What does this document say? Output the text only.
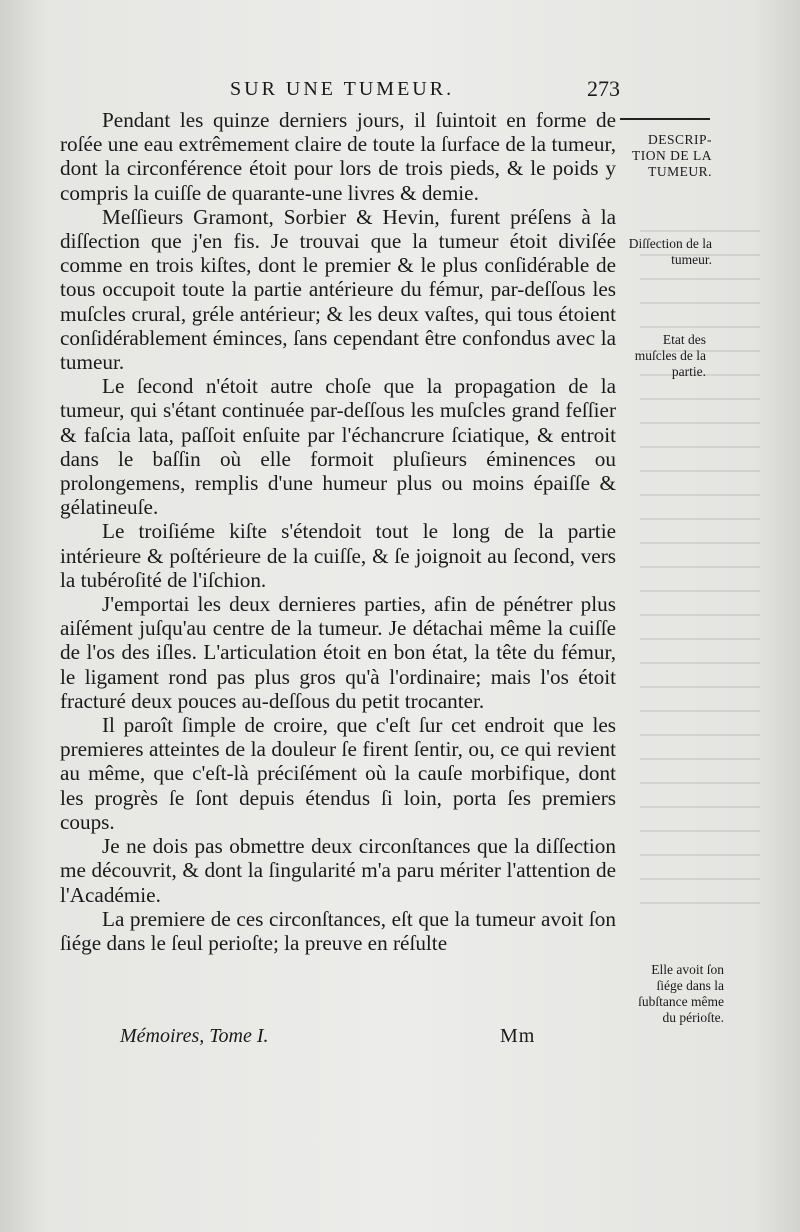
SUR UNE TUMEUR.	273

Pendant les quinze derniers jours, il ſuintoit en forme de roſée une eau extrêmement claire de toute la ſurface de la tumeur, dont la circonférence étoit pour lors de trois pieds, & le poids y compris la cuiſſe de quarante-une livres & demie.

Meſſieurs Gramont, Sorbier & Hevin, furent préſens à la diſſection que j'en fis. Je trouvai que la tumeur étoit diviſée comme en trois kiſtes, dont le premier & le plus conſidérable de tous occupoit toute la partie antérieure du fémur, par-deſſous les muſcles crural, gréle antérieur; & les deux vaſtes, qui tous étoient conſidérablement éminces, ſans cependant être confondus avec la tumeur.

Le ſecond n'étoit autre choſe que la propagation de la tumeur, qui s'étant continuée par-deſſous les muſcles grand feſſier & faſcia lata, paſſoit enſuite par l'échancrure ſciatique, & entroit dans le baſſin où elle formoit pluſieurs éminences ou prolongemens, remplis d'une humeur plus ou moins épaiſſe & gélatineuſe.

Le troiſiéme kiſte s'étendoit tout le long de la partie intérieure & poſtérieure de la cuiſſe, & ſe joignoit au ſecond, vers la tubéroſité de l'iſchion.

J'emportai les deux dernieres parties, afin de pénétrer plus aiſément juſqu'au centre de la tumeur. Je détachai même la cuiſſe de l'os des iſles. L'articulation étoit en bon état, la tête du fémur, le ligament rond pas plus gros qu'à l'ordinaire; mais l'os étoit fracturé deux pouces au-deſſous du petit trocanter.

Il paroît ſimple de croire, que c'eſt ſur cet endroit que les premieres atteintes de la douleur ſe firent ſentir, ou, ce qui revient au même, que c'eſt-là préciſément où la cauſe morbifique, dont les progrès ſe ſont depuis étendus ſi loin, porta ſes premiers coups.

Je ne dois pas obmettre deux circonſtances que la diſſection me découvrit, & dont la ſingularité m'a paru mériter l'attention de l'Académie.

La premiere de ces circonſtances, eſt que la tumeur avoit ſon ſiége dans le ſeul perioſte; la preuve en réſulte

DESCRIP-TION DE LA TUMEUR.
Diſſection de la tumeur.
Etat des muſcles de la partie.
Elle avoit ſon ſiége dans la ſubſtance même du périoſte.
Mémoires, Tome I.	Mm
